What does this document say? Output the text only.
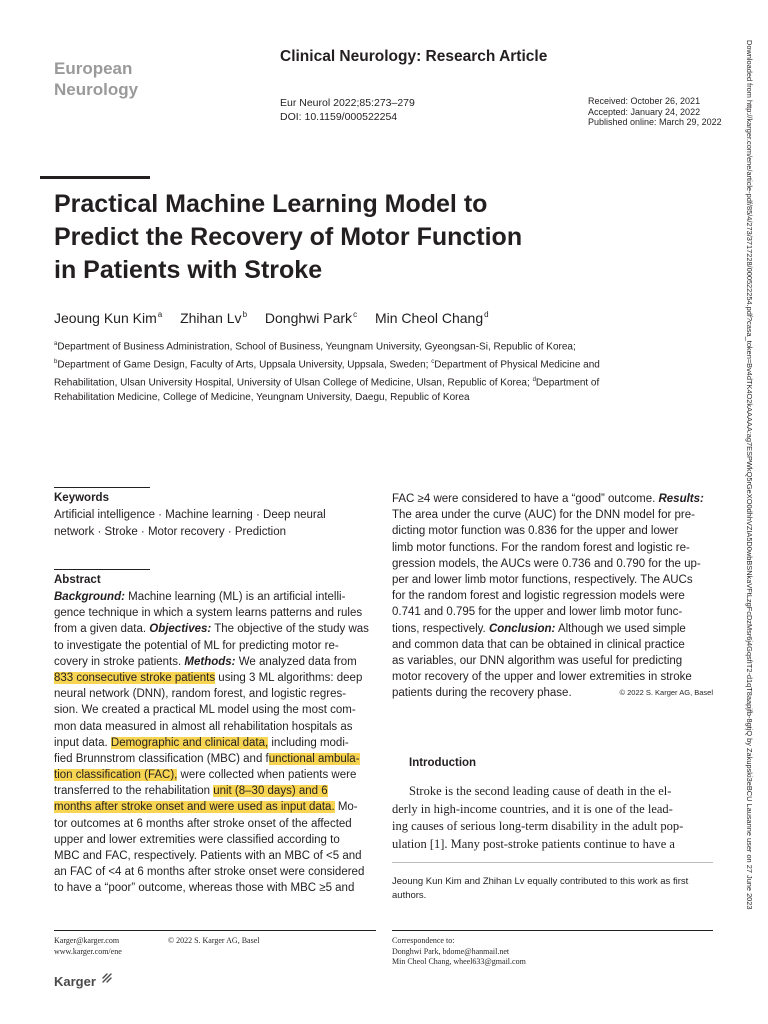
European
Neurology
Clinical Neurology: Research Article
Eur Neurol 2022;85:273–279
DOI: 10.1159/000522254
Received: October 26, 2021
Accepted: January 24, 2022
Published online: March 29, 2022
Practical Machine Learning Model to
Predict the Recovery of Motor Function
in Patients with Stroke
Jeoung Kun Kim$^a$ Zhihan Lv$^b$ Donghwi Park$^c$ Min Cheol Chang$^d$
$^a$Department of Business Administration, School of Business, Yeungnam University, Gyeongsan-Si, Republic of Korea; $^b$Department of Game Design, Faculty of Arts, Uppsala University, Uppsala, Sweden; $^c$Department of Physical Medicine and Rehabilitation, Ulsan University Hospital, University of Ulsan College of Medicine, Ulsan, Republic of Korea; $^d$Department of Rehabilitation Medicine, College of Medicine, Yeungnam University, Daegu, Republic of Korea
Keywords
Artificial intelligence · Machine learning · Deep neural network · Stroke · Motor recovery · Prediction
Abstract
Background: Machine learning (ML) is an artificial intelli-
gence technique in which a system learns patterns and rules
from a given data. Objectives: The objective of the study was
to investigate the potential of ML for predicting motor re-
covery in stroke patients. Methods: We analyzed data from
833 consecutive stroke patients using 3 ML algorithms: deep
neural network (DNN), random forest, and logistic regres-
sion. We created a practical ML model using the most com-
mon data measured in almost all rehabilitation hospitals as
input data. Demographic and clinical data, including modi-
fied Brunnstrom classification (MBC) and functional ambula-
tion classification (FAC), were collected when patients were
transferred to the rehabilitation unit (8–30 days) and 6
months after stroke onset and were used as input data. Mo-
tor outcomes at 6 months after stroke onset of the affected
upper and lower extremities were classified according to
MBC and FAC, respectively. Patients with an MBC of <5 and
an FAC of <4 at 6 months after stroke onset were considered
to have a “poor” outcome, whereas those with MBC ≥5 and
FAC ≥4 were considered to have a “good” outcome. Results:
The area under the curve (AUC) for the DNN model for pre-
dicting motor function was 0.836 for the upper and lower
limb motor functions. For the random forest and logistic re-
gression models, the AUCs were 0.736 and 0.790 for the up-
per and lower limb motor functions, respectively. The AUCs
for the random forest and logistic regression models were
0.741 and 0.795 for the upper and lower limb motor func-
tions, respectively. Conclusion: Although we used simple
and common data that can be obtained in clinical practice
as variables, our DNN algorithm was useful for predicting
motor recovery of the upper and lower extremities in stroke
patients during the recovery phase.	© 2022 S. Karger AG, Basel
Introduction
Stroke is the second leading cause of death in the el-
derly in high-income countries, and it is one of the lead-
ing causes of serious long-term disability in the adult pop-
ulation [1]. Many post-stroke patients continue to have a
Jeoung Kun Kim and Zhihan Lv equally contributed to this work as first authors.
Karger@karger.com
www.karger.com/ene
© 2022 S. Karger AG, Basel
Karger
Correspondence to:
Donghwi Park, bdome@hanmail.net
Min Cheol Chang, wheel633@gmail.com
Downloaded from http://karger.com/ene/article-pdf/85/4/273/3717228/000522254.pdf?casa_token=Bv4dTK4O2kAAAAA:ag7ESPWkQ5rGeXO0dhhVZIA5D0wbBSNkaVFtLzgFcDzMsr6j4GqsfIT2-d1qT8aapjfb-8gtjQ by Zakupski3eBCU Lausanne user on 27 June 2023
